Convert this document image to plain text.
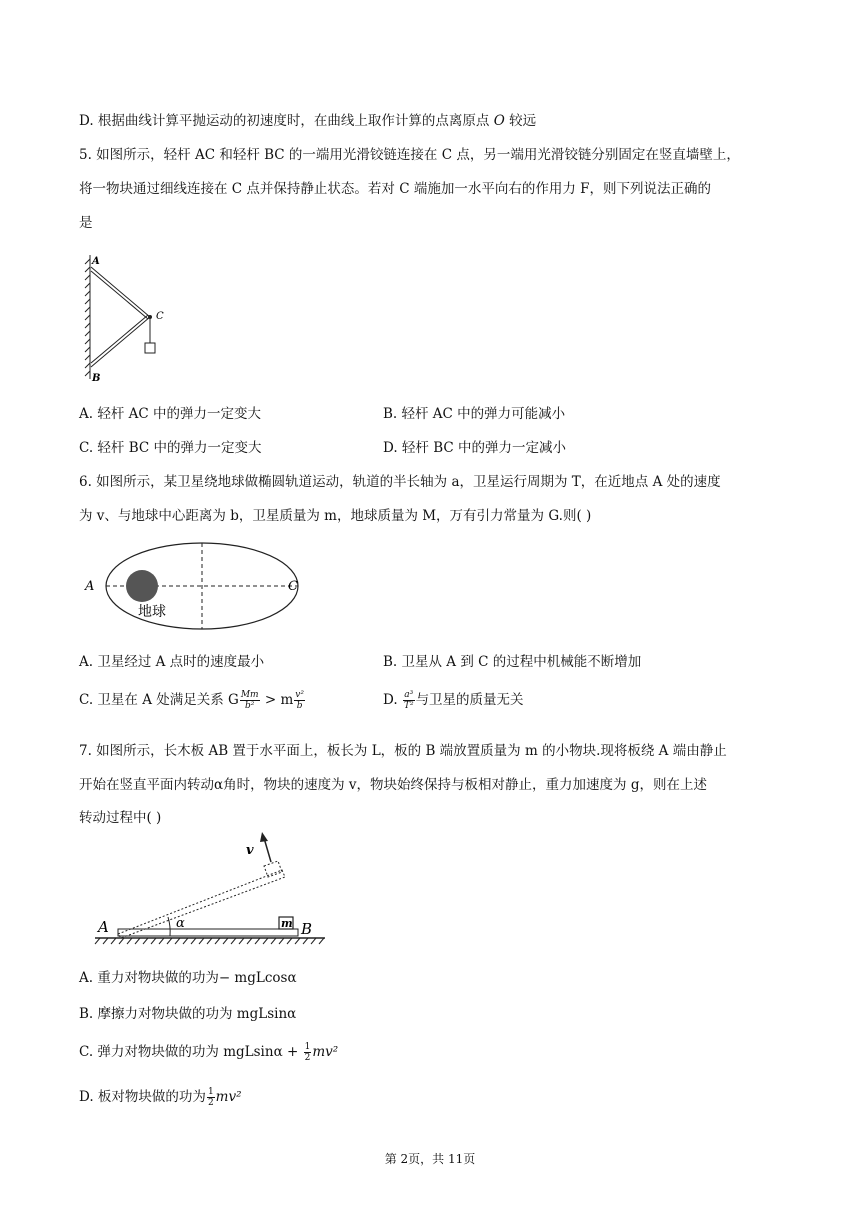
D. 根据曲线计算平抛运动的初速度时，在曲线上取作计算的点离原点 O 较远
5. 如图所示，轻杆 AC 和轻杆 BC 的一端用光滑铰链连接在 C 点，另一端用光滑铰链分别固定在竖直墙壁上，
将一物块通过细线连接在 C 点并保持静止状态。若对 C 端施加一水平向右的作用力 F，则下列说法正确的
是
A
C
B
A. 轻杆 AC 中的弹力一定变大	B. 轻杆 AC 中的弹力可能减小
C. 轻杆 BC 中的弹力一定变大	D. 轻杆 BC 中的弹力一定减小
6. 如图所示，某卫星绕地球做椭圆轨道运动，轨道的半长轴为 a，卫星运行周期为 T，在近地点 A 处的速度
为 v、与地球中心距离为 b，卫星质量为 m，地球质量为 M，万有引力常量为 G.则( )
A	C
地球
A. 卫星经过 A 点时的速度最小	B. 卫星从 A 到 C 的过程中机械能不断增加
C. 卫星在 A 处满足关系 G $\frac{Mm}{\text{b²}} > m \frac{\text{v²}}{b}$	D. $\frac{\text{a³}}{\text{T²}}$ 与卫星的质量无关
7. 如图所示，长木板 AB 置于水平面上，板长为 L，板的 B 端放置质量为 m 的小物块.现将板绕 A 端由静止
开始在竖直平面内转动α角时，物块的速度为 v，物块始终保持与板相对静止，重力加速度为 g，则在上述
转动过程中( )
A	B
m
v
α
A. 重力对物块做的功为− mgLcosα
B. 摩擦力对物块做的功为 mgLsinα
C. 弹力对物块做的功为 $mgLsin\alpha + \frac{1}{2} mv^2$
D. 板对物块做的功为 $\frac{1}{2} mv^2$
第 2页，共 11页
